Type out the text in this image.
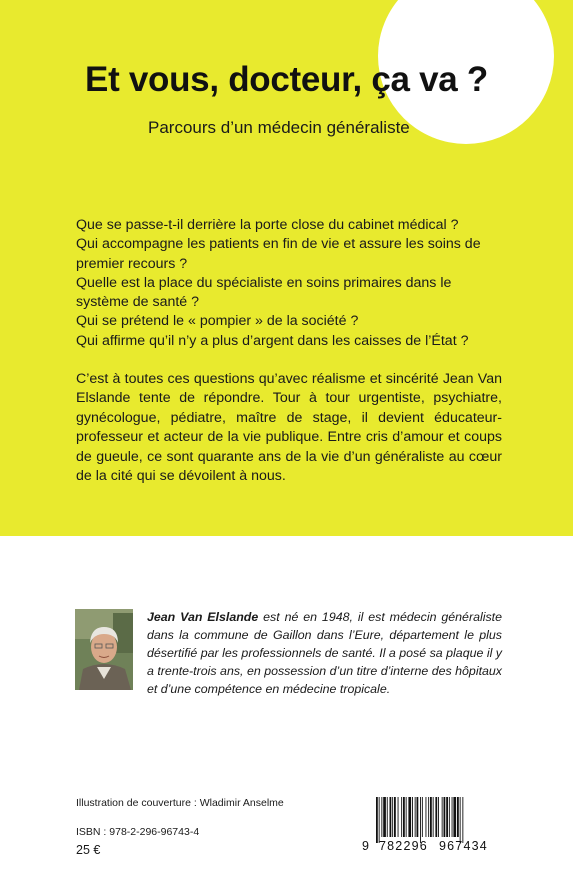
Et vous, docteur, ça va ?
Parcours d’un médecin généraliste
Que se passe-t-il derrière la porte close du cabinet médical ?
Qui accompagne les patients en fin de vie et assure les soins de premier recours ?
Quelle est la place du spécialiste en soins primaires dans le système de santé ?
Qui se prétend le « pompier » de la société ?
Qui affirme qu’il n’y a plus d’argent dans les caisses de l’État ?
C’est à toutes ces questions qu’avec réalisme et sincérité Jean Van Elslande tente de répondre. Tour à tour urgentiste, psychiatre, gynécologue, pédiatre, maître de stage, il devient éducateur-professeur et acteur de la vie publique. Entre cris d’amour et coups de gueule, ce sont quarante ans de la vie d’un généraliste au cœur de la cité qui se dévoilent à nous.
Jean Van Elslande est né en 1948, il est médecin généraliste dans la commune de Gaillon dans l’Eure, département le plus désertifié par les professionnels de santé. Il a posé sa plaque il y a trente-trois ans, en possession d’un titre d’interne des hôpitaux et d’une compétence en médecine tropicale.
Illustration de couverture : Wladimir Anselme
ISBN : 978-2-296-96743-4
25 €	9 782296 967434
